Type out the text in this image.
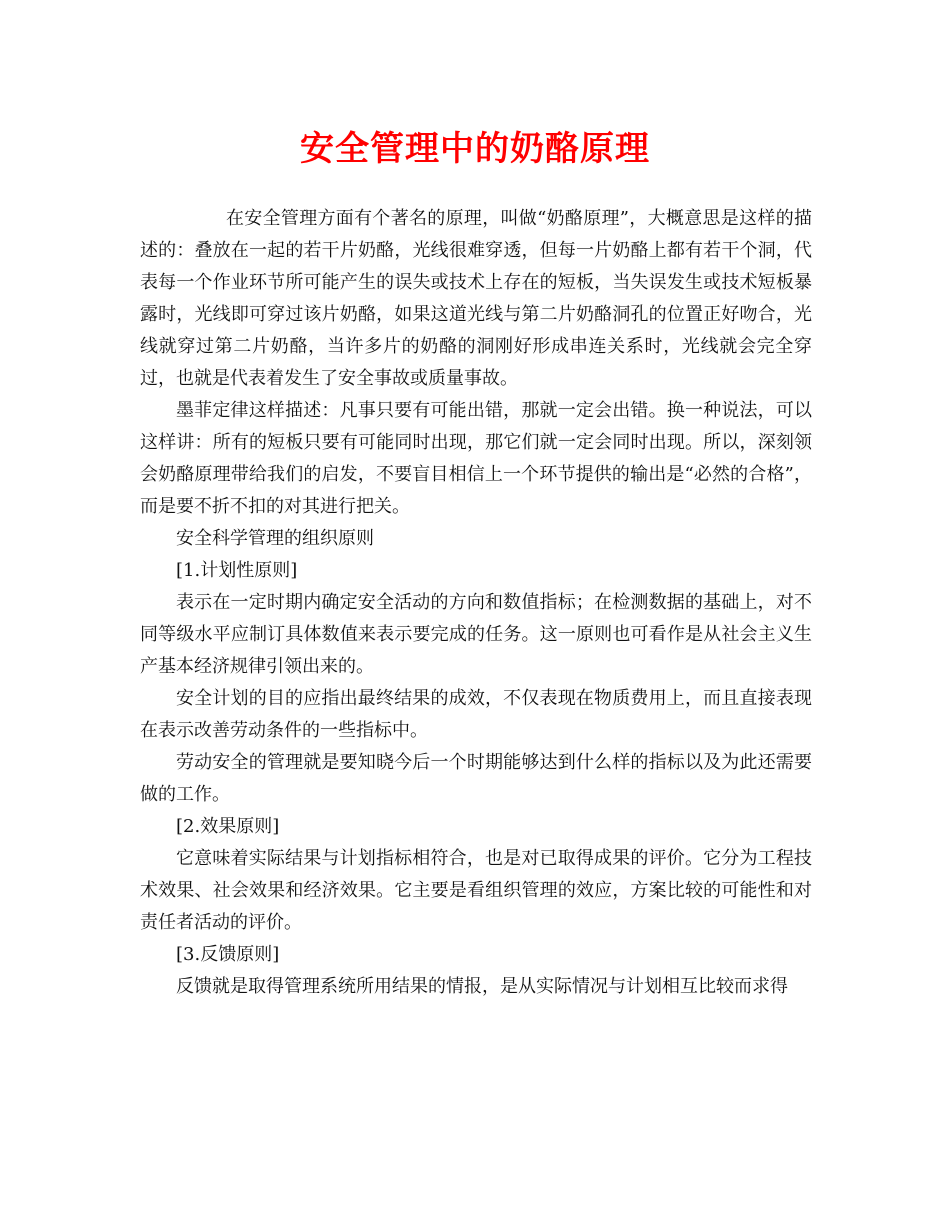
安全管理中的奶酪原理

在安全管理方面有个著名的原理，叫做“奶酪原理”，大概意思是这样的描述的：叠放在一起的若干片奶酪，光线很难穿透，但每一片奶酪上都有若干个洞，代表每一个作业环节所可能产生的误失或技术上存在的短板，当失误发生或技术短板暴露时，光线即可穿过该片奶酪，如果这道光线与第二片奶酪洞孔的位置正好吻合，光线就穿过第二片奶酪，当许多片的奶酪的洞刚好形成串连关系时，光线就会完全穿过，也就是代表着发生了安全事故或质量事故。

墨菲定律这样描述：凡事只要有可能出错，那就一定会出错。换一种说法，可以这样讲：所有的短板只要有可能同时出现，那它们就一定会同时出现。所以，深刻领会奶酪原理带给我们的启发，不要盲目相信上一个环节提供的输出是“必然的合格”，而是要不折不扣的对其进行把关。

安全科学管理的组织原则

[1.计划性原则]

表示在一定时期内确定安全活动的方向和数值指标；在检测数据的基础上，对不同等级水平应制订具体数值来表示要完成的任务。这一原则也可看作是从社会主义生产基本经济规律引领出来的。

安全计划的目的应指出最终结果的成效，不仅表现在物质费用上，而且直接表现在表示改善劳动条件的一些指标中。

劳动安全的管理就是要知晓今后一个时期能够达到什么样的指标以及为此还需要做的工作。

[2.效果原则]

它意味着实际结果与计划指标相符合，也是对已取得成果的评价。它分为工程技术效果、社会效果和经济效果。它主要是看组织管理的效应，方案比较的可能性和对责任者活动的评价。

[3.反馈原则]

反馈就是取得管理系统所用结果的情报，是从实际情况与计划相互比较而求得
